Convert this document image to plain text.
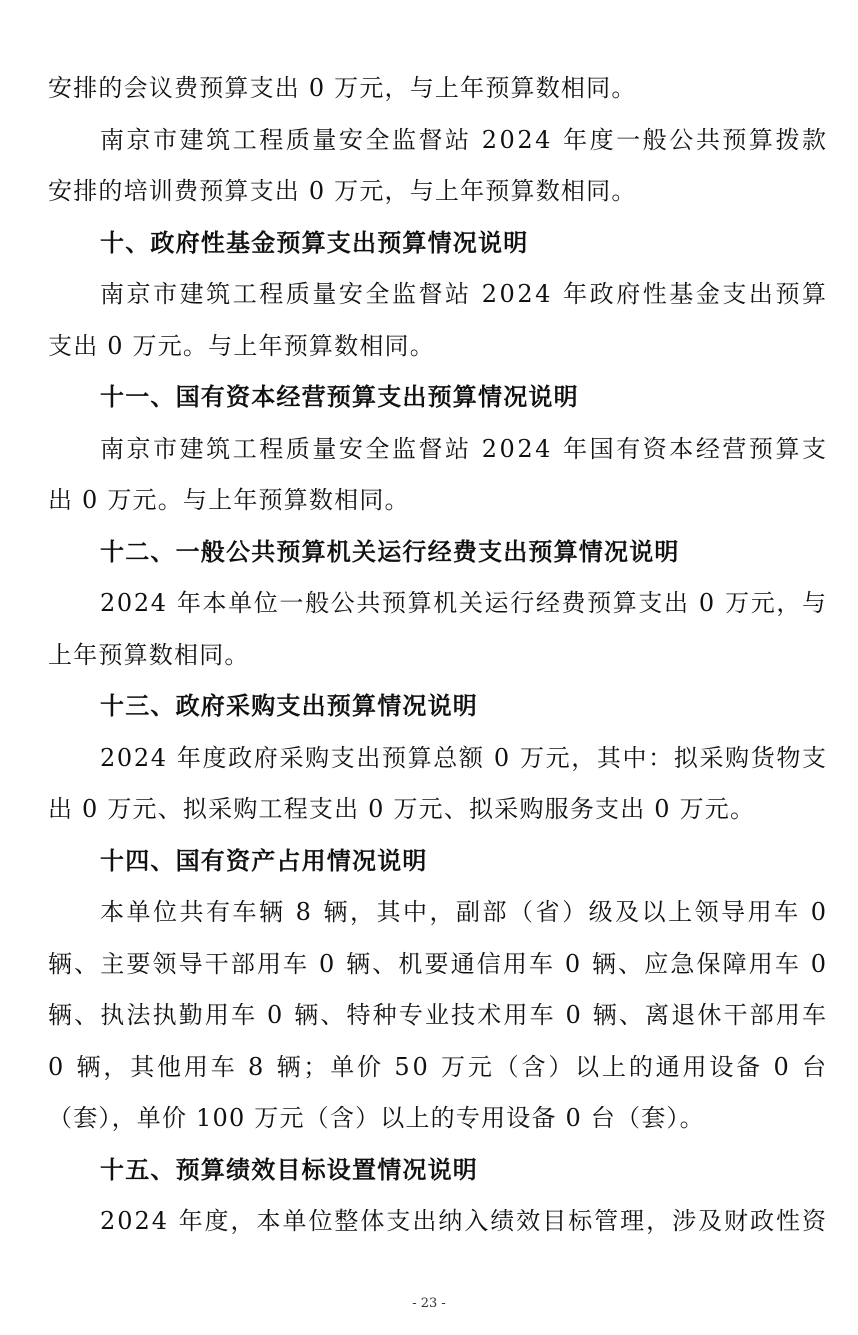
安排的会议费预算支出 0 万元，与上年预算数相同。
南京市建筑工程质量安全监督站 2024 年度一般公共预算拨款
安排的培训费预算支出 0 万元，与上年预算数相同。
十、政府性基金预算支出预算情况说明
南京市建筑工程质量安全监督站 2024 年政府性基金支出预算
支出 0 万元。与上年预算数相同。
十一、国有资本经营预算支出预算情况说明
南京市建筑工程质量安全监督站 2024 年国有资本经营预算支
出 0 万元。与上年预算数相同。
十二、一般公共预算机关运行经费支出预算情况说明
2024 年本单位一般公共预算机关运行经费预算支出 0 万元，与
上年预算数相同。
十三、政府采购支出预算情况说明
2024 年度政府采购支出预算总额 0 万元，其中：拟采购货物支
出 0 万元、拟采购工程支出 0 万元、拟采购服务支出 0 万元。
十四、国有资产占用情况说明
本单位共有车辆 8 辆，其中，副部（省）级及以上领导用车 0
辆、主要领导干部用车 0 辆、机要通信用车 0 辆、应急保障用车 0
辆、执法执勤用车 0 辆、特种专业技术用车 0 辆、离退休干部用车
0 辆，其他用车 8 辆；单价 50 万元（含）以上的通用设备 0 台
（套），单价 100 万元（含）以上的专用设备 0 台（套）。
十五、预算绩效目标设置情况说明
2024 年度，本单位整体支出纳入绩效目标管理，涉及财政性资
- 23 -
